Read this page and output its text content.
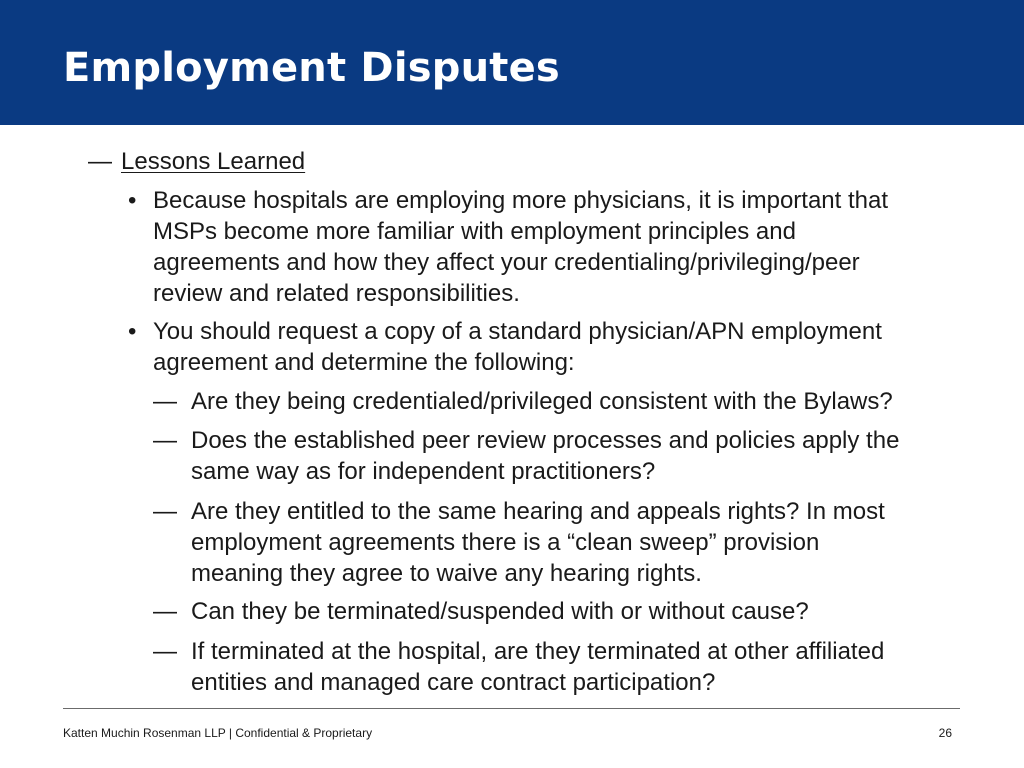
Employment Disputes
— Lessons Learned
• Because hospitals are employing more physicians, it is important that
MSPs become more familiar with employment principles and
agreements and how they affect your credentialing/privileging/peer
review and related responsibilities.
• You should request a copy of a standard physician/APN employment
agreement and determine the following:
— Are they being credentialed/privileged consistent with the Bylaws?
— Does the established peer review processes and policies apply the
same way as for independent practitioners?
— Are they entitled to the same hearing and appeals rights? In most
employment agreements there is a “clean sweep” provision
meaning they agree to waive any hearing rights.
— Can they be terminated/suspended with or without cause?
— If terminated at the hospital, are they terminated at other affiliated
entities and managed care contract participation?
Katten Muchin Rosenman LLP | Confidential & Proprietary	26
